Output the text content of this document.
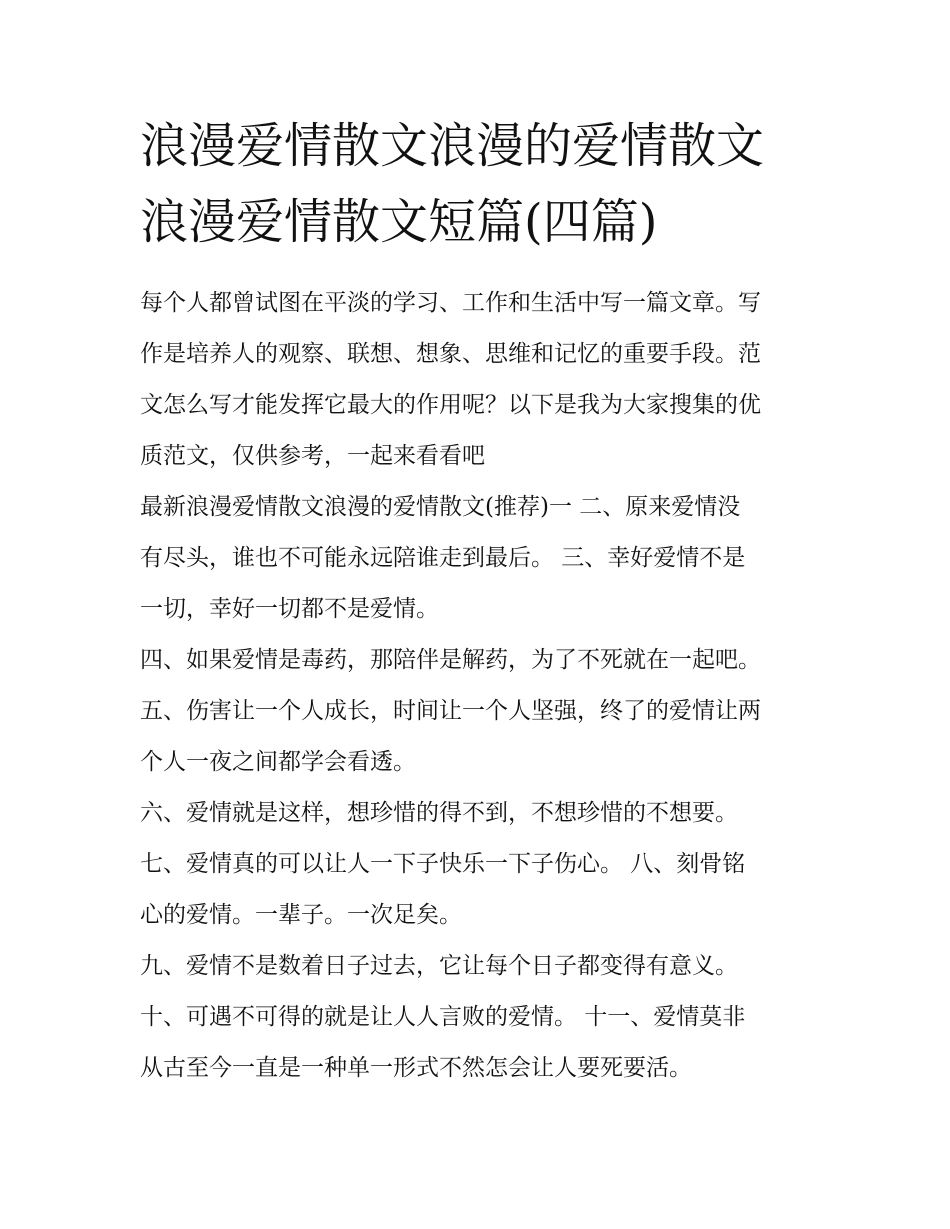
浪漫爱情散文浪漫的爱情散文
浪漫爱情散文短篇(四篇)

每个人都曾试图在平淡的学习、工作和生活中写一篇文章。写
作是培养人的观察、联想、想象、思维和记忆的重要手段。范
文怎么写才能发挥它最大的作用呢？以下是我为大家搜集的优
质范文，仅供参考，一起来看看吧

最新浪漫爱情散文浪漫的爱情散文(推荐)一 二、原来爱情没
有尽头，谁也不可能永远陪谁走到最后。 三、幸好爱情不是
一切，幸好一切都不是爱情。

四、如果爱情是毒药，那陪伴是解药，为了不死就在一起吧。

五、伤害让一个人成长，时间让一个人坚强，终了的爱情让两
个人一夜之间都学会看透。

六、爱情就是这样，想珍惜的得不到，不想珍惜的不想要。

七、爱情真的可以让人一下子快乐一下子伤心。 八、刻骨铭
心的爱情。一辈子。一次足矣。

九、爱情不是数着日子过去，它让每个日子都变得有意义。

十、可遇不可得的就是让人人言败的爱情。 十一、爱情莫非
从古至今一直是一种单一形式不然怎会让人要死要活。
